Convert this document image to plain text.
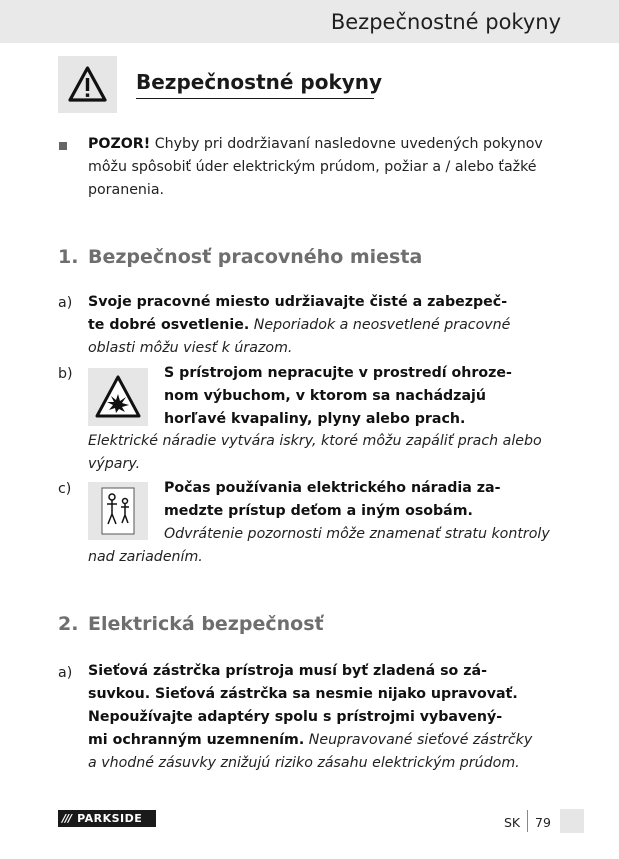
Bezpečnostné pokyny
Bezpečnostné pokyny
POZOR! Chyby pri dodržiavaní nasledovne uvedených pokynov
môžu spôsobiť úder elektrickým prúdom, požiar a / alebo ťažké
poranenia.
1. Bezpečnosť pracovného miesta
a) Svoje pracovné miesto udržiavajte čisté a zabezpeč-
te dobré osvetlenie. Neporiadok a neosvetlené pracovné
oblasti môžu viesť k úrazom.
b)	S prístrojom nepracujte v prostredí ohroze-
nom výbuchom, v ktorom sa nachádzajú
horľavé kvapaliny, plyny alebo prach.
Elektrické náradie vytvára iskry, ktoré môžu zapáliť prach alebo
výpary.
c)	Počas používania elektrického náradia za-
medzte prístup deťom a iným osobám.
Odvrátenie pozornosti môže znamenať stratu kontroly
nad zariadením.
2. Elektrická bezpečnosť
a) Sieťová zástrčka prístroja musí byť zladená so zá-
suvkou. Sieťová zástrčka sa nesmie nijako upravovať.
Nepoužívajte adaptéry spolu s prístrojmi vybavený-
mi ochranným uzemnením. Neupravované sieťové zástrčky
a vhodné zásuvky znižujú riziko zásahu elektrickým prúdom.
/// PARKSIDE	SK 79
